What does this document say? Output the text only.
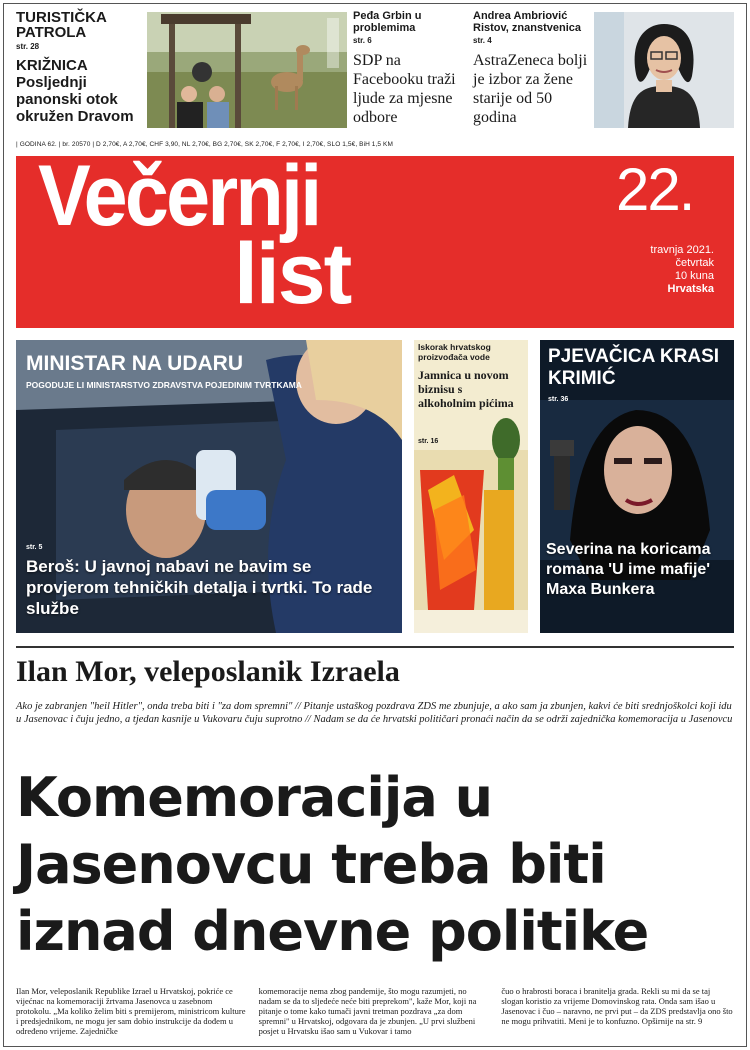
TURISTIČKA PATROLA
str. 28
KRIŽNICA
Posljednji panonski otok okružen Dravom
Peđa Grbin u problemima
str. 6
SDP na Facebooku traži ljude za mjesne odbore
Andrea Ambriović Ristov, znanstvenica
str. 4
AstraZeneca bolji je izbor za žene starije od 50 godina
| GODINA 62. | br. 20570 | D 2,70€, A 2,70€, CHF 3,90, NL 2,70€, BG 2,70€, SK 2,70€, F 2,70€, I 2,70€, SLO 1,5€, BiH 1,5 KM
Večernji
list
22.
travnja 2021.
četvrtak
10 kuna
Hrvatska
MINISTAR NA UDARU
POGODUJE LI MINISTARSTVO ZDRAVSTVA POJEDINIM TVRTKAMA
str. 5
Beroš: U javnoj nabavi ne bavim se provjerom tehničkih detalja i tvrtki. To rade službe
Iskorak hrvatskog proizvođača vode
Jamnica u novom biznisu s alkoholnim pićima
str. 16
PJEVAČICA KRASI KRIMIĆ
str. 36
Severina na koricama romana 'U ime mafije' Maxa Bunkera
Ilan Mor, veleposlanik Izraela
Ako je zabranjen "heil Hitler", onda treba biti i "za dom spremni" // Pitanje ustaškog pozdrava ZDS me zbunjuje, a ako sam ja zbunjen, kakvi će biti srednjoškolci koji idu u Jasenovac i čuju jedno, a tjedan kasnije u Vukovaru čuju suprotno // Nadam se da će hrvatski političari pronaći način da se održi zajednička komemoracija u Jasenovcu
Komemoracija u
Jasenovcu treba biti
iznad dnevne politike
Ilan Mor, veleposlanik Republike Izrael u Hrvatskoj, pokriće ce vijećnac na komemoraciji žrtvama Jasenovca u zasebnom protokolu. „Ma koliko želim biti s premijerom, ministricom kulture i predsjednikom, ne mogu jer sam dobio instrukcije da dođem u određeno vrijeme. Zajedničke
komemoracije nema zbog pandemije, što mogu razumjeti, no nadam se da to sljedeće neće biti preprekom", kaže Mor, koji na pitanje o tome kako tumači javni tretman pozdrava „za dom spremni" u Hrvatskoj, odgovara da je zbunjen. „U prvi službeni posjet u Hrvatsku išao sam u Vukovar i tamo
čuo o hrabrosti boraca i branitelja grada. Rekli su mi da se taj slogan koristio za vrijeme Domovinskog rata. Onda sam išao u Jasenovac i čuo – naravno, ne prvi put – da ZDS predstavlja ono što ne mogu prihvatiti. Meni je to konfuzno. Opširnije na str. 9
